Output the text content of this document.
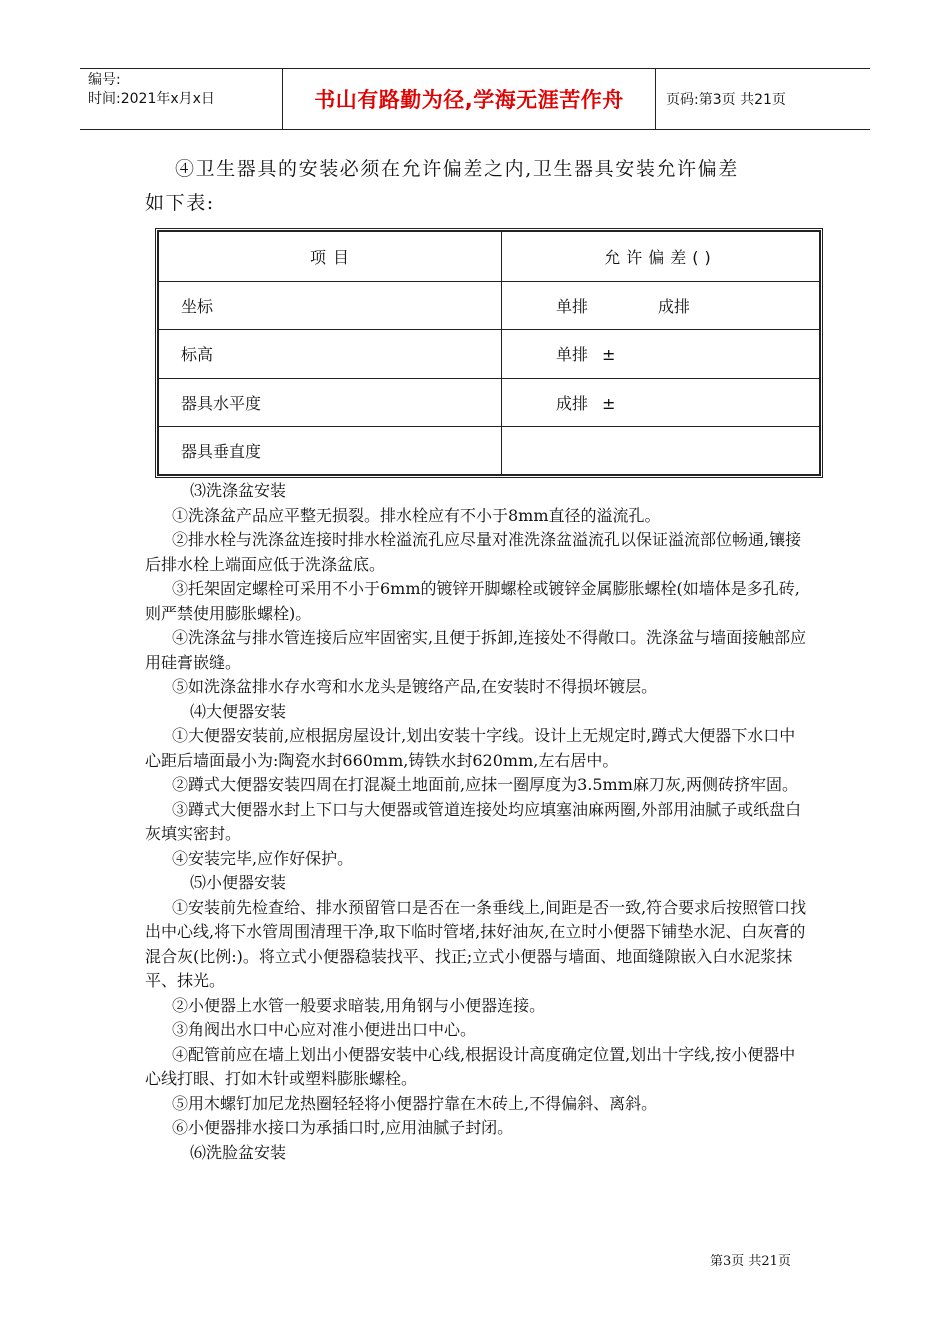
编号:
时间:2021年x月x日	书山有路勤为径,学海无涯苦作舟	页码:第3页 共21页
④卫生器具的安装必须在允许偏差之内,卫生器具安装允许偏差
如下表:
项 目	允许偏差()
坐标	单排 成排
标高	单排 ±
器具水平度	成排 ±
器具垂直度	

⑶洗涤盆安装

①洗涤盆产品应平整无损裂。排水栓应有不小于8mm直径的溢流孔。

②排水栓与洗涤盆连接时排水栓溢流孔应尽量对准洗涤盆溢流孔以保证溢流部位畅通,镶接后排水栓上端面应低于洗涤盆底。

③托架固定螺栓可采用不小于6mm的镀锌开脚螺栓或镀锌金属膨胀螺栓(如墙体是多孔砖,则严禁使用膨胀螺栓)。

④洗涤盆与排水管连接后应牢固密实,且便于拆卸,连接处不得敞口。洗涤盆与墙面接触部应用硅膏嵌缝。

⑤如洗涤盆排水存水弯和水龙头是镀络产品,在安装时不得损坏镀层。

⑷大便器安装

①大便器安装前,应根据房屋设计,划出安装十字线。设计上无规定时,蹲式大便器下水口中心距后墙面最小为:陶瓷水封660mm,铸铁水封620mm,左右居中。

②蹲式大便器安装四周在打混凝土地面前,应抹一圈厚度为3.5mm麻刀灰,两侧砖挤牢固。

③蹲式大便器水封上下口与大便器或管道连接处均应填塞油麻两圈,外部用油腻子或纸盘白灰填实密封。

④安装完毕,应作好保护。

⑸小便器安装

①安装前先检查给、排水预留管口是否在一条垂线上,间距是否一致,符合要求后按照管口找出中心线,将下水管周围清理干净,取下临时管堵,抹好油灰,在立时小便器下铺垫水泥、白灰膏的混合灰(比例:)。将立式小便器稳装找平、找正;立式小便器与墙面、地面缝隙嵌入白水泥浆抹平、抹光。

②小便器上水管一般要求暗装,用角钢与小便器连接。

③角阀出水口中心应对准小便进出口中心。

④配管前应在墙上划出小便器安装中心线,根据设计高度确定位置,划出十字线,按小便器中心线打眼、打如木针或塑料膨胀螺栓。

⑤用木螺钉加尼龙热圈轻轻将小便器拧靠在木砖上,不得偏斜、离斜。

⑥小便器排水接口为承插口时,应用油腻子封闭。

⑹洗脸盆安装

第3页 共21页
